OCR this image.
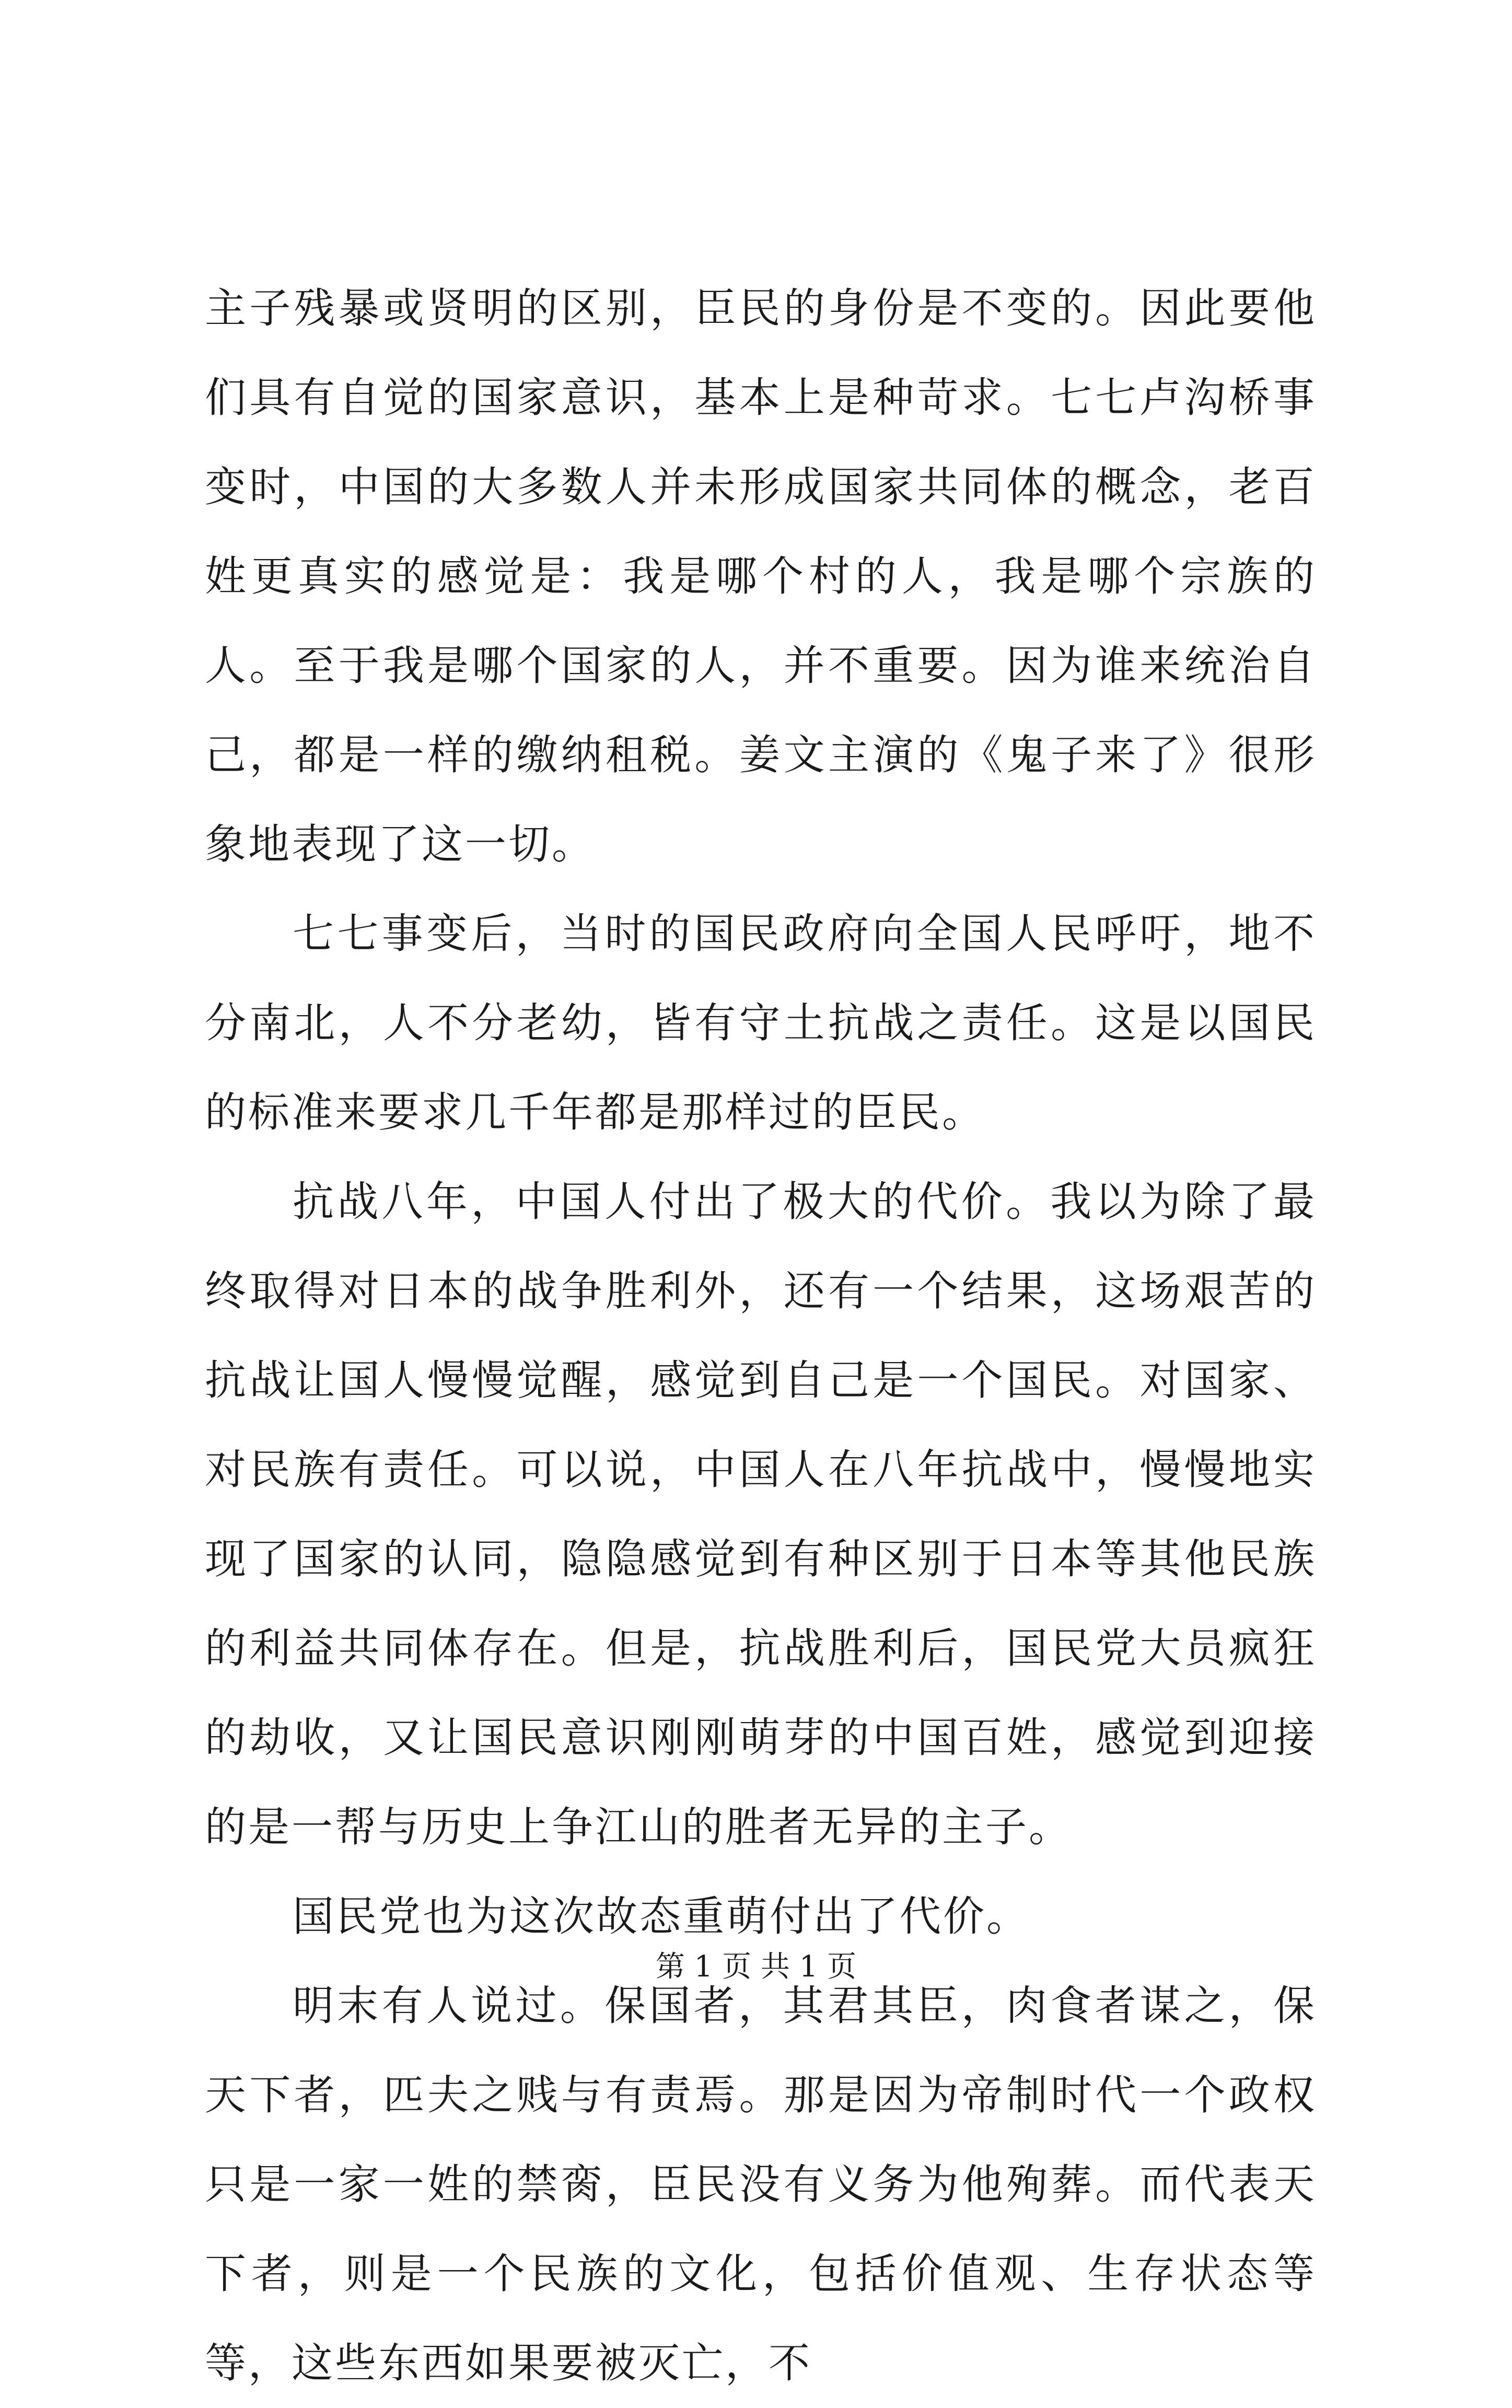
主子残暴或贤明的区别，臣民的身份是不变的。因此要他们具有自觉的国家意识，基本上是种苛求。七七卢沟桥事变时，中国的大多数人并未形成国家共同体的概念，老百姓更真实的感觉是：我是哪个村的人，我是哪个宗族的人。至于我是哪个国家的人，并不重要。因为谁来统治自己，都是一样的缴纳租税。姜文主演的《鬼子来了》很形象地表现了这一切。

七七事变后，当时的国民政府向全国人民呼吁，地不分南北，人不分老幼，皆有守土抗战之责任。这是以国民的标准来要求几千年都是那样过的臣民。

抗战八年，中国人付出了极大的代价。我以为除了最终取得对日本的战争胜利外，还有一个结果，这场艰苦的抗战让国人慢慢觉醒，感觉到自己是一个国民。对国家、对民族有责任。可以说，中国人在八年抗战中，慢慢地实现了国家的认同，隐隐感觉到有种区别于日本等其他民族的利益共同体存在。但是，抗战胜利后，国民党大员疯狂的劫收，又让国民意识刚刚萌芽的中国百姓，感觉到迎接的是一帮与历史上争江山的胜者无异的主子。

国民党也为这次故态重萌付出了代价。

明末有人说过。保国者，其君其臣，肉食者谋之，保天下者，匹夫之贱与有责焉。那是因为帝制时代一个政权只是一家一姓的禁脔，臣民没有义务为他殉葬。而代表天下者，则是一个民族的文化，包括价值观、生存状态等等，这些东西如果要被灭亡，不

第 1 页 共 1 页
